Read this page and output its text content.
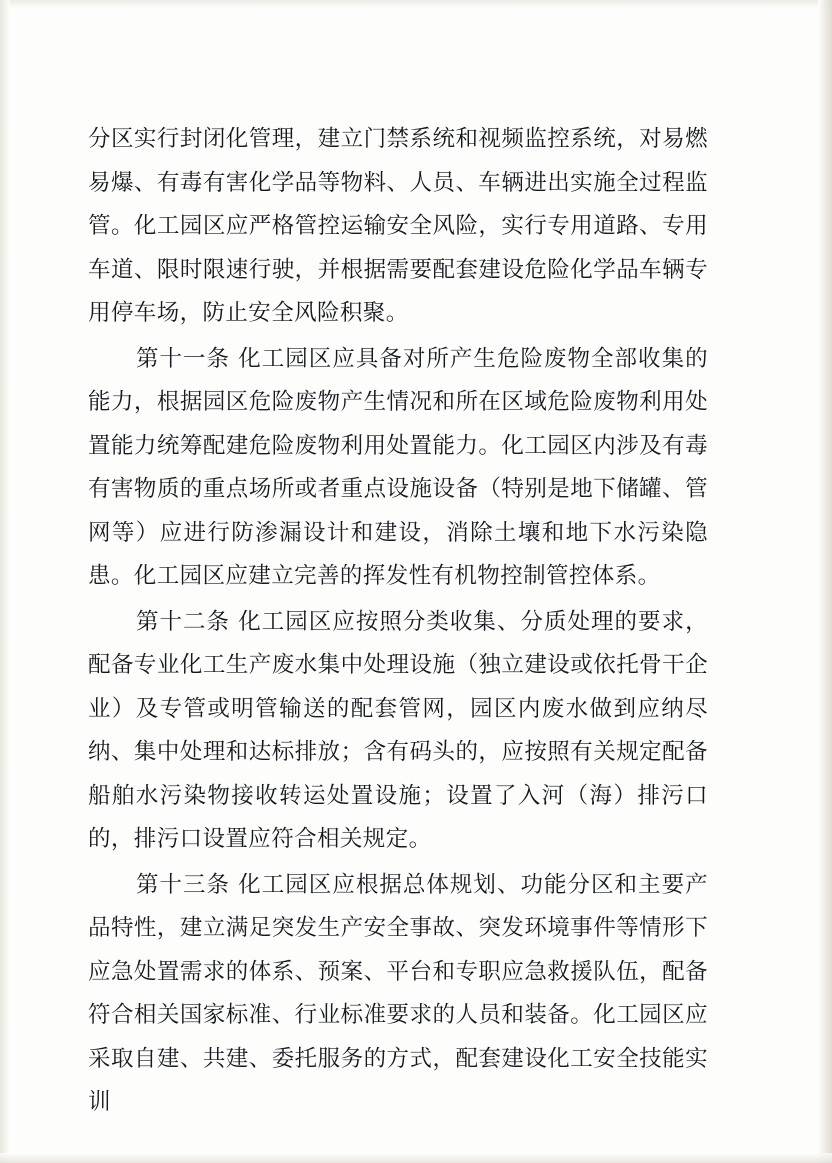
分区实行封闭化管理，建立门禁系统和视频监控系统，对易燃易爆、有毒有害化学品等物料、人员、车辆进出实施全过程监管。化工园区应严格管控运输安全风险，实行专用道路、专用车道、限时限速行驶，并根据需要配套建设危险化学品车辆专用停车场，防止安全风险积聚。

第十一条 化工园区应具备对所产生危险废物全部收集的能力，根据园区危险废物产生情况和所在区域危险废物利用处置能力统筹配建危险废物利用处置能力。化工园区内涉及有毒有害物质的重点场所或者重点设施设备（特别是地下储罐、管网等）应进行防渗漏设计和建设，消除土壤和地下水污染隐患。化工园区应建立完善的挥发性有机物控制管控体系。

第十二条 化工园区应按照分类收集、分质处理的要求，配备专业化工生产废水集中处理设施（独立建设或依托骨干企业）及专管或明管输送的配套管网，园区内废水做到应纳尽纳、集中处理和达标排放；含有码头的，应按照有关规定配备船舶水污染物接收转运处置设施；设置了入河（海）排污口的，排污口设置应符合相关规定。

第十三条 化工园区应根据总体规划、功能分区和主要产品特性，建立满足突发生产安全事故、突发环境事件等情形下应急处置需求的体系、预案、平台和专职应急救援队伍，配备符合相关国家标准、行业标准要求的人员和装备。化工园区应采取自建、共建、委托服务的方式，配套建设化工安全技能实训
